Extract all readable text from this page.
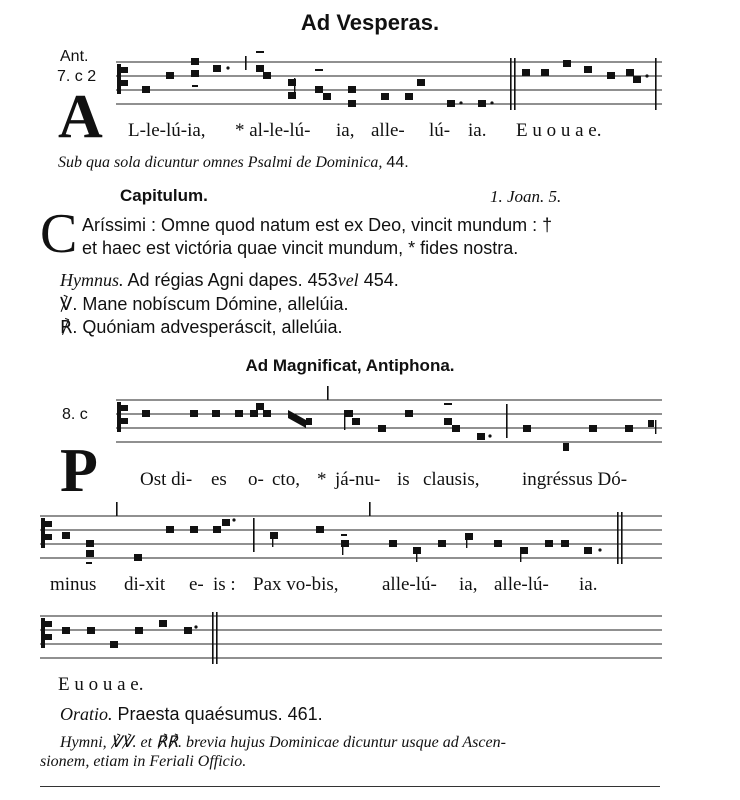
Ad Vesperas.
Ant.
7. c 2
A L-le-lú-ia, * al-le-lú- ia, alle- lú- ia. E u o u a e.
Sub qua sola dicuntur omnes Psalmi de Dominica, 44.
Capitulum.	1. Joan. 5.
C Aríssimi : Omne quod natum est ex Deo, vincit mundum : †
et haec est victória quae vincit mundum, * fides nostra.
Hymnus. Ad régias Agni dapes. 453vel 454.
℣. Mane nobíscum Dómine, allelúia.
℟. Quóniam advesperáscit, allelúia.
Ad Magnificat, Antiphona.
8. c
P Ost di- es o- cto, * já-nu- is clausis, ingréssus Dó-
minus di-xit e- is : Pax vo-bis, alle-lú- ia, alle-lú- ia.
E u o u a e.
Oratio. Praesta quaésumus. 461.
Hymni, ℣℣. et ℟℟. brevia hujus Dominicae dicuntur usque ad Ascen-
sionem, etiam in Feriali Officio.
